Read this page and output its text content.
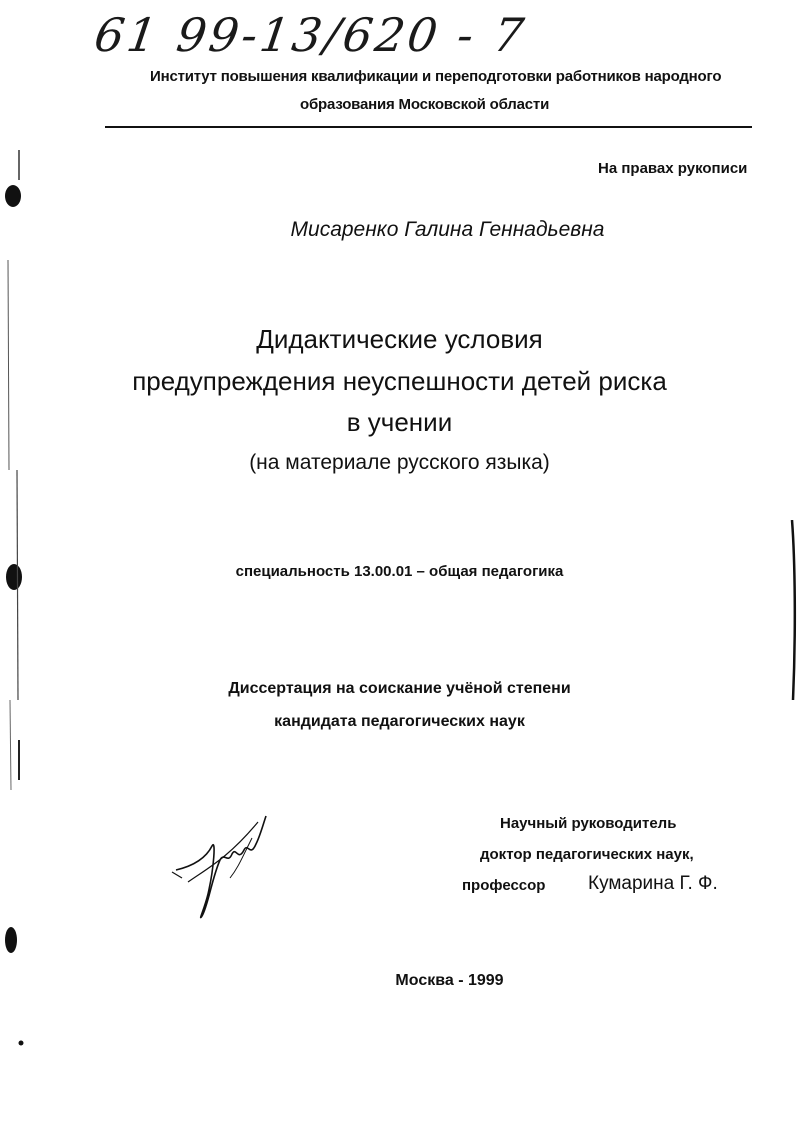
61 99-13/620 - 7
Институт повышения квалификации и переподготовки работников народного
образования Московской области
На правах рукописи
Мисаренко Галина Геннадьевна
Дидактические условия
предупреждения неуспешности детей риска
в учении
(на материале русского языка)
специальность 13.00.01 – общая педагогика
Диссертация на соискание учёной степени
кандидата педагогических наук
Научный руководитель
доктор педагогических наук,
профессор Кумарина Г. Ф.
Москва - 1999
